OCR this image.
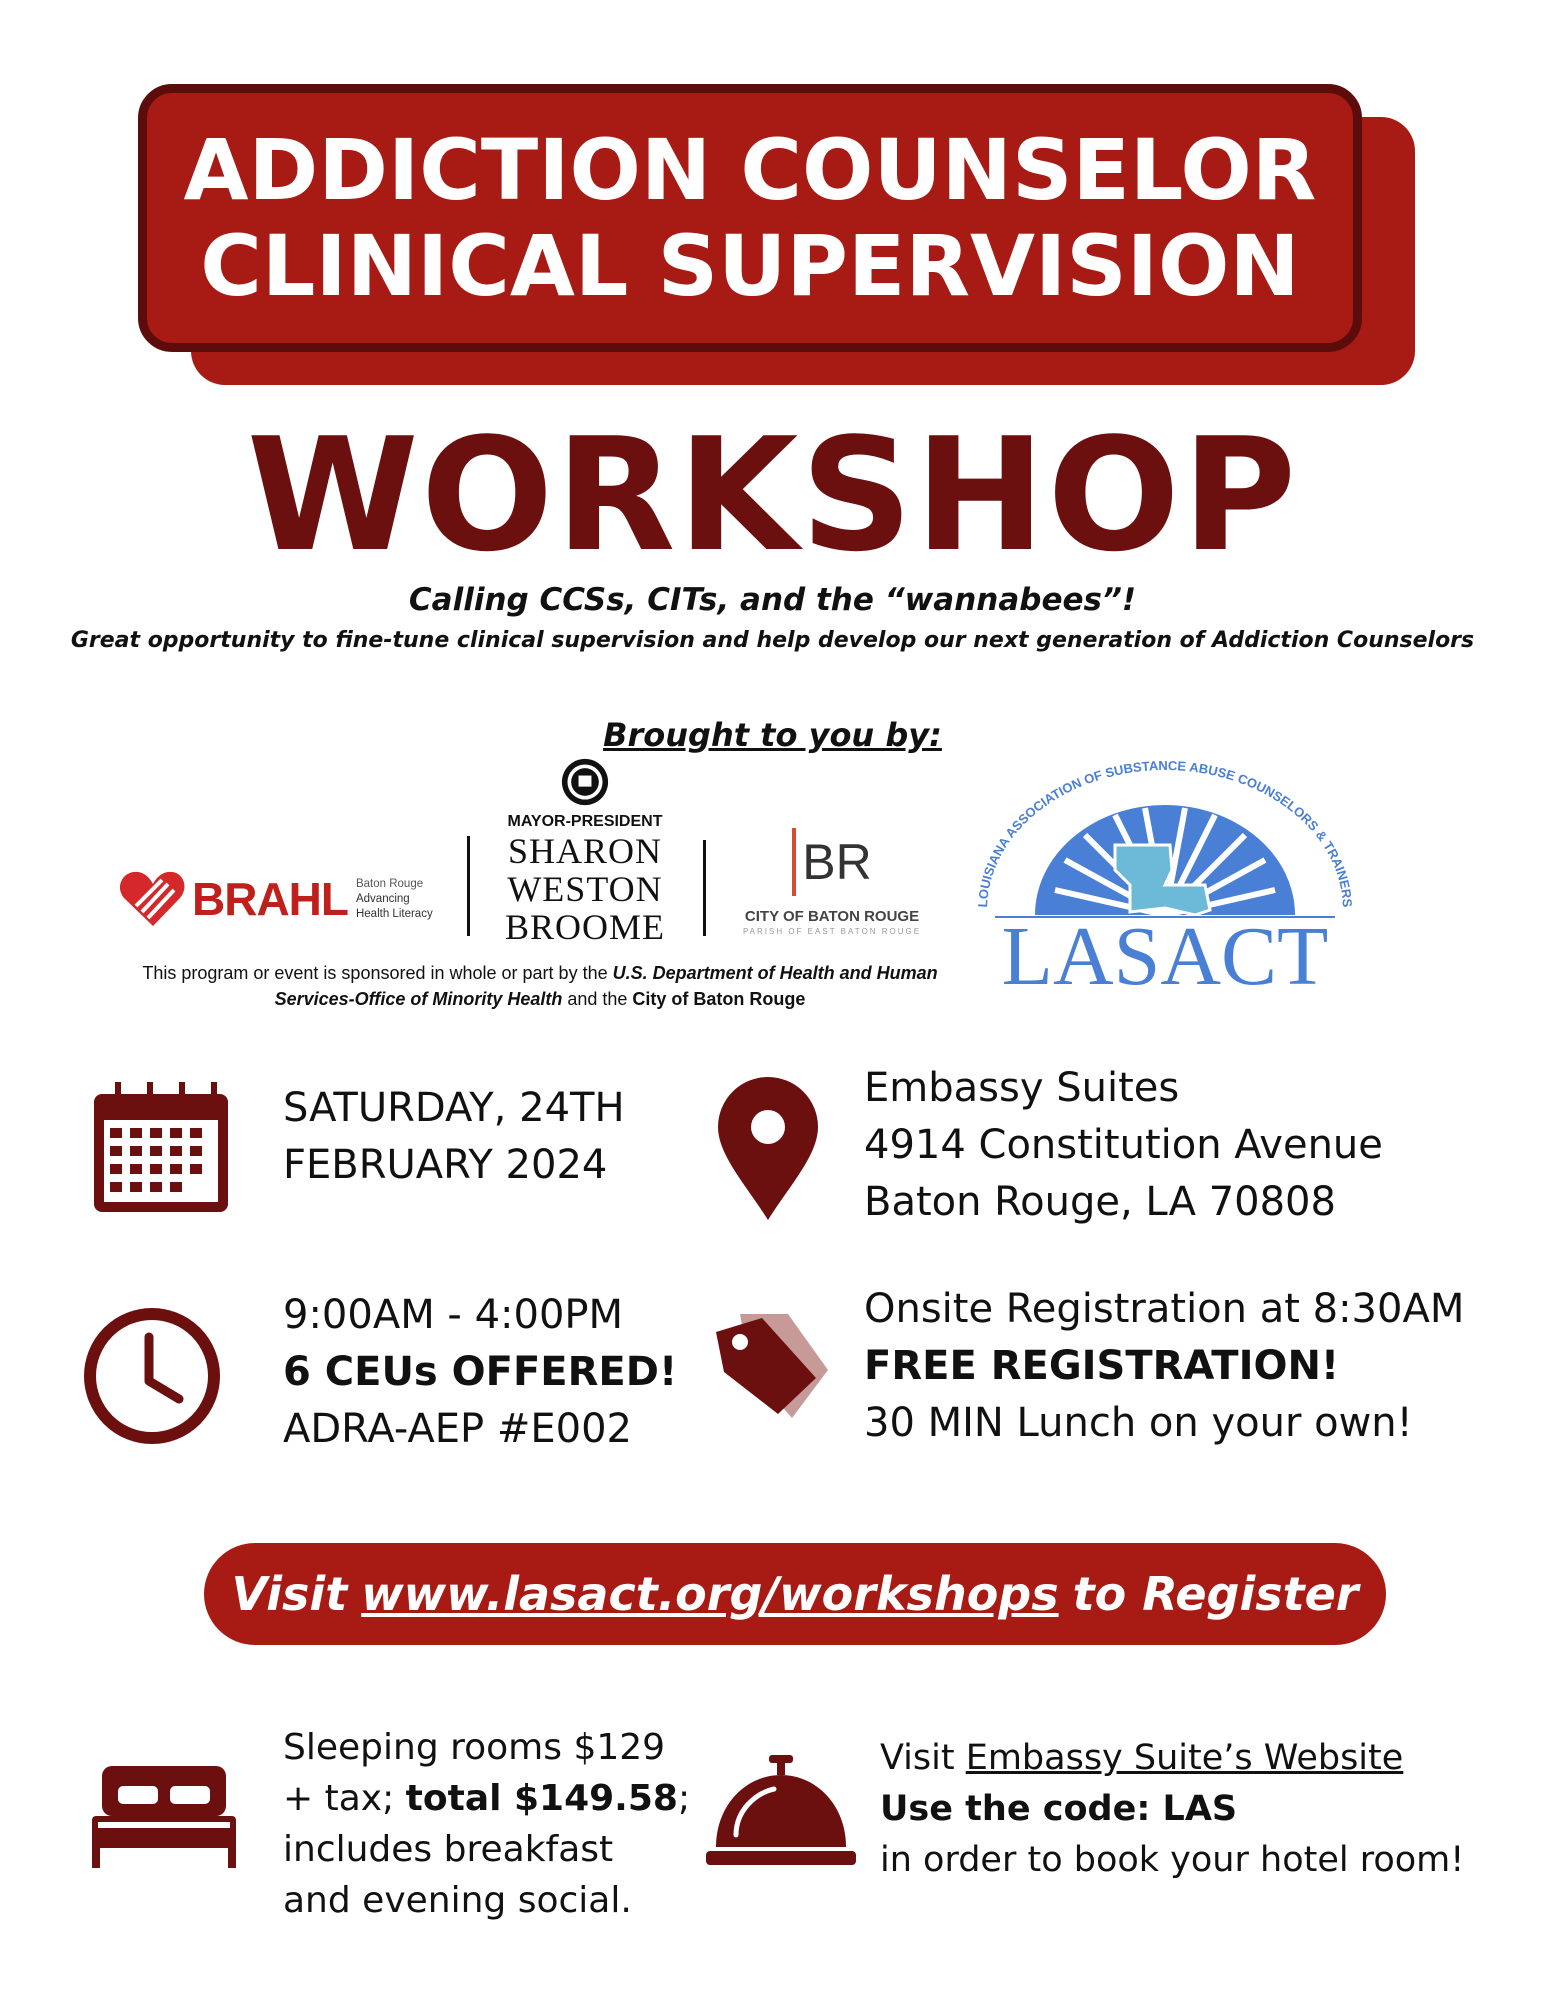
ADDICTION COUNSELOR
CLINICAL SUPERVISION
WORKSHOP
Calling CCSs, CITs, and the “wannabees”!
Great opportunity to fine-tune clinical supervision and help develop our next generation of Addiction Counselors
Brought to you by:
BRAHL Baton Rouge
Advancing
Health Literacy
MAYOR-PRESIDENT
SHARON
WESTON
BROOME
BR
CITY OF BATON ROUGE
PARISH OF EAST BATON ROUGE
This program or event is sponsored in whole or part by the U.S. Department of Health and Human Services-Office of Minority Health and the City of Baton Rouge
LOUISIANA ASSOCIATION OF SUBSTANCE ABUSE COUNSELORS & TRAINERS
LASACT
SATURDAY, 24TH
FEBRUARY 2024
Embassy Suites
4914 Constitution Avenue
Baton Rouge, LA 70808
9:00AM - 4:00PM
6 CEUs OFFERED!
ADRA-AEP #E002
Onsite Registration at 8:30AM
FREE REGISTRATION!
30 MIN Lunch on your own!
Visit www.lasact.org/workshops to Register
Sleeping rooms $129
+ tax; total $149.58;
includes breakfast
and evening social.
Visit Embassy Suite’s Website
Use the code: LAS
in order to book your hotel room!
